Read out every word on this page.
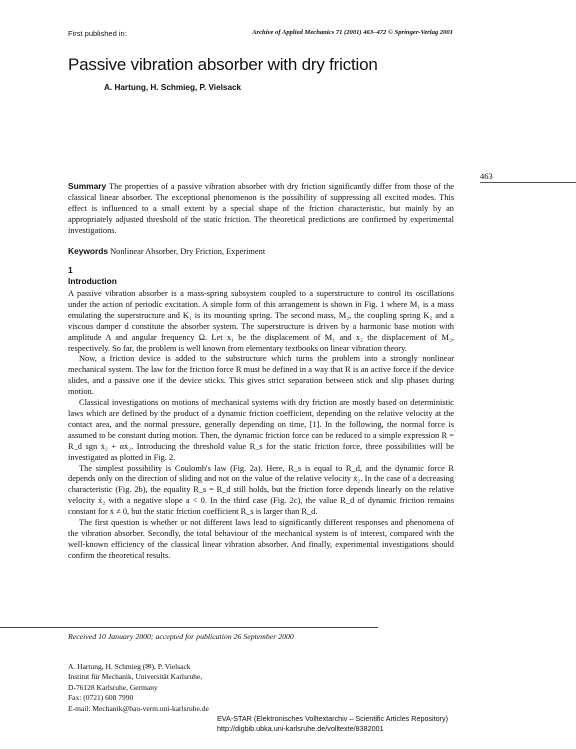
First published in:	Archive of Applied Mechanics 71 (2001) 463–472 © Springer-Verlag 2001
Passive vibration absorber with dry friction
A. Hartung, H. Schmieg, P. Vielsack
463

Summary The properties of a passive vibration absorber with dry friction significantly differ from those of the classical linear absorber. The exceptional phenomenon is the possibility of suppressing all excited modes. This effect is influenced to a small extent by a special shape of the friction characteristic, but mainly by an appropriately adjusted threshold of the static friction. The theoretical predictions are confirmed by experimental investigations.

Keywords Nonlinear Absorber, Dry Friction, Experiment

1
Introduction

A passive vibration absorber is a mass-spring subsystem coupled to a superstructure to control its oscillations under the action of periodic excitation. A simple form of this arrangement is shown in Fig. 1 where M₁ is a mass emulating the superstructure and K₁ is its mounting spring. The second mass, M₂, the coupling spring K₂ and a viscous damper d constitute the absorber system. The superstructure is driven by a harmonic base motion with amplitude A and angular frequency Ω. Let x₁ be the displacement of M₁ and x₂ the displacement of M₂, respectively. So far, the problem is well known from elementary textbooks on linear vibration theory.

Now, a friction device is added to the substructure which turns the problem into a strongly nonlinear mechanical system. The law for the friction force R must be defined in a way that R is an active force if the device slides, and a passive one if the device sticks. This gives strict separation between stick and slip phases during motion.

Classical investigations on motions of mechanical systems with dry friction are mostly based on deterministic laws which are defined by the product of a dynamic friction coefficient, depending on the relative velocity at the contact area, and the normal pressure, generally depending on time, [1]. In the following, the normal force is assumed to be constant during motion. Then, the dynamic friction force can be reduced to a simple expression R = R_d sgn ẋ₂ + αẋ₂. Introducing the threshold value R_s for the static friction force, three possibilities will be investigated as plotted in Fig. 2.

The simplest possibility is Coulomb's law (Fig. 2a). Here, R_s is equal to R_d, and the dynamic force R depends only on the direction of sliding and not on the value of the relative velocity ẋ₂. In the case of a decreasing characteristic (Fig. 2b), the equality R_s = R_d still holds, but the friction force depends linearly on the relative velocity ẋ₂ with a negative slope a < 0. In the third case (Fig. 2c), the value R_d of dynamic friction remains constant for ẋ ≠ 0, but the static friction coefficient R_s is larger than R_d.

The first question is whether or not different laws lead to significantly different responses and phenomena of the vibration absorber. Secondly, the total behaviour of the mechanical system is of interest, compared with the well-known efficiency of the classical linear vibration absorber. And finally, experimental investigations should confirm the theoretical results.

Received 10 January 2000; accepted for publication 26 September 2000
A. Hartung, H. Schmieg (✉), P. Vielsack
Institut für Mechanik, Universität Karlsruhe,
D-76128 Karlsruhe, Germany
Fax: (0721) 608 7990
E-mail: Mechanik@bau-verm.uni-karlsruhe.de
EVA-STAR (Elektronisches Volltextarchiv – Scientific Articles Repository)
http://digbib.ubka.uni-karlsruhe.de/volltexte/8382001
